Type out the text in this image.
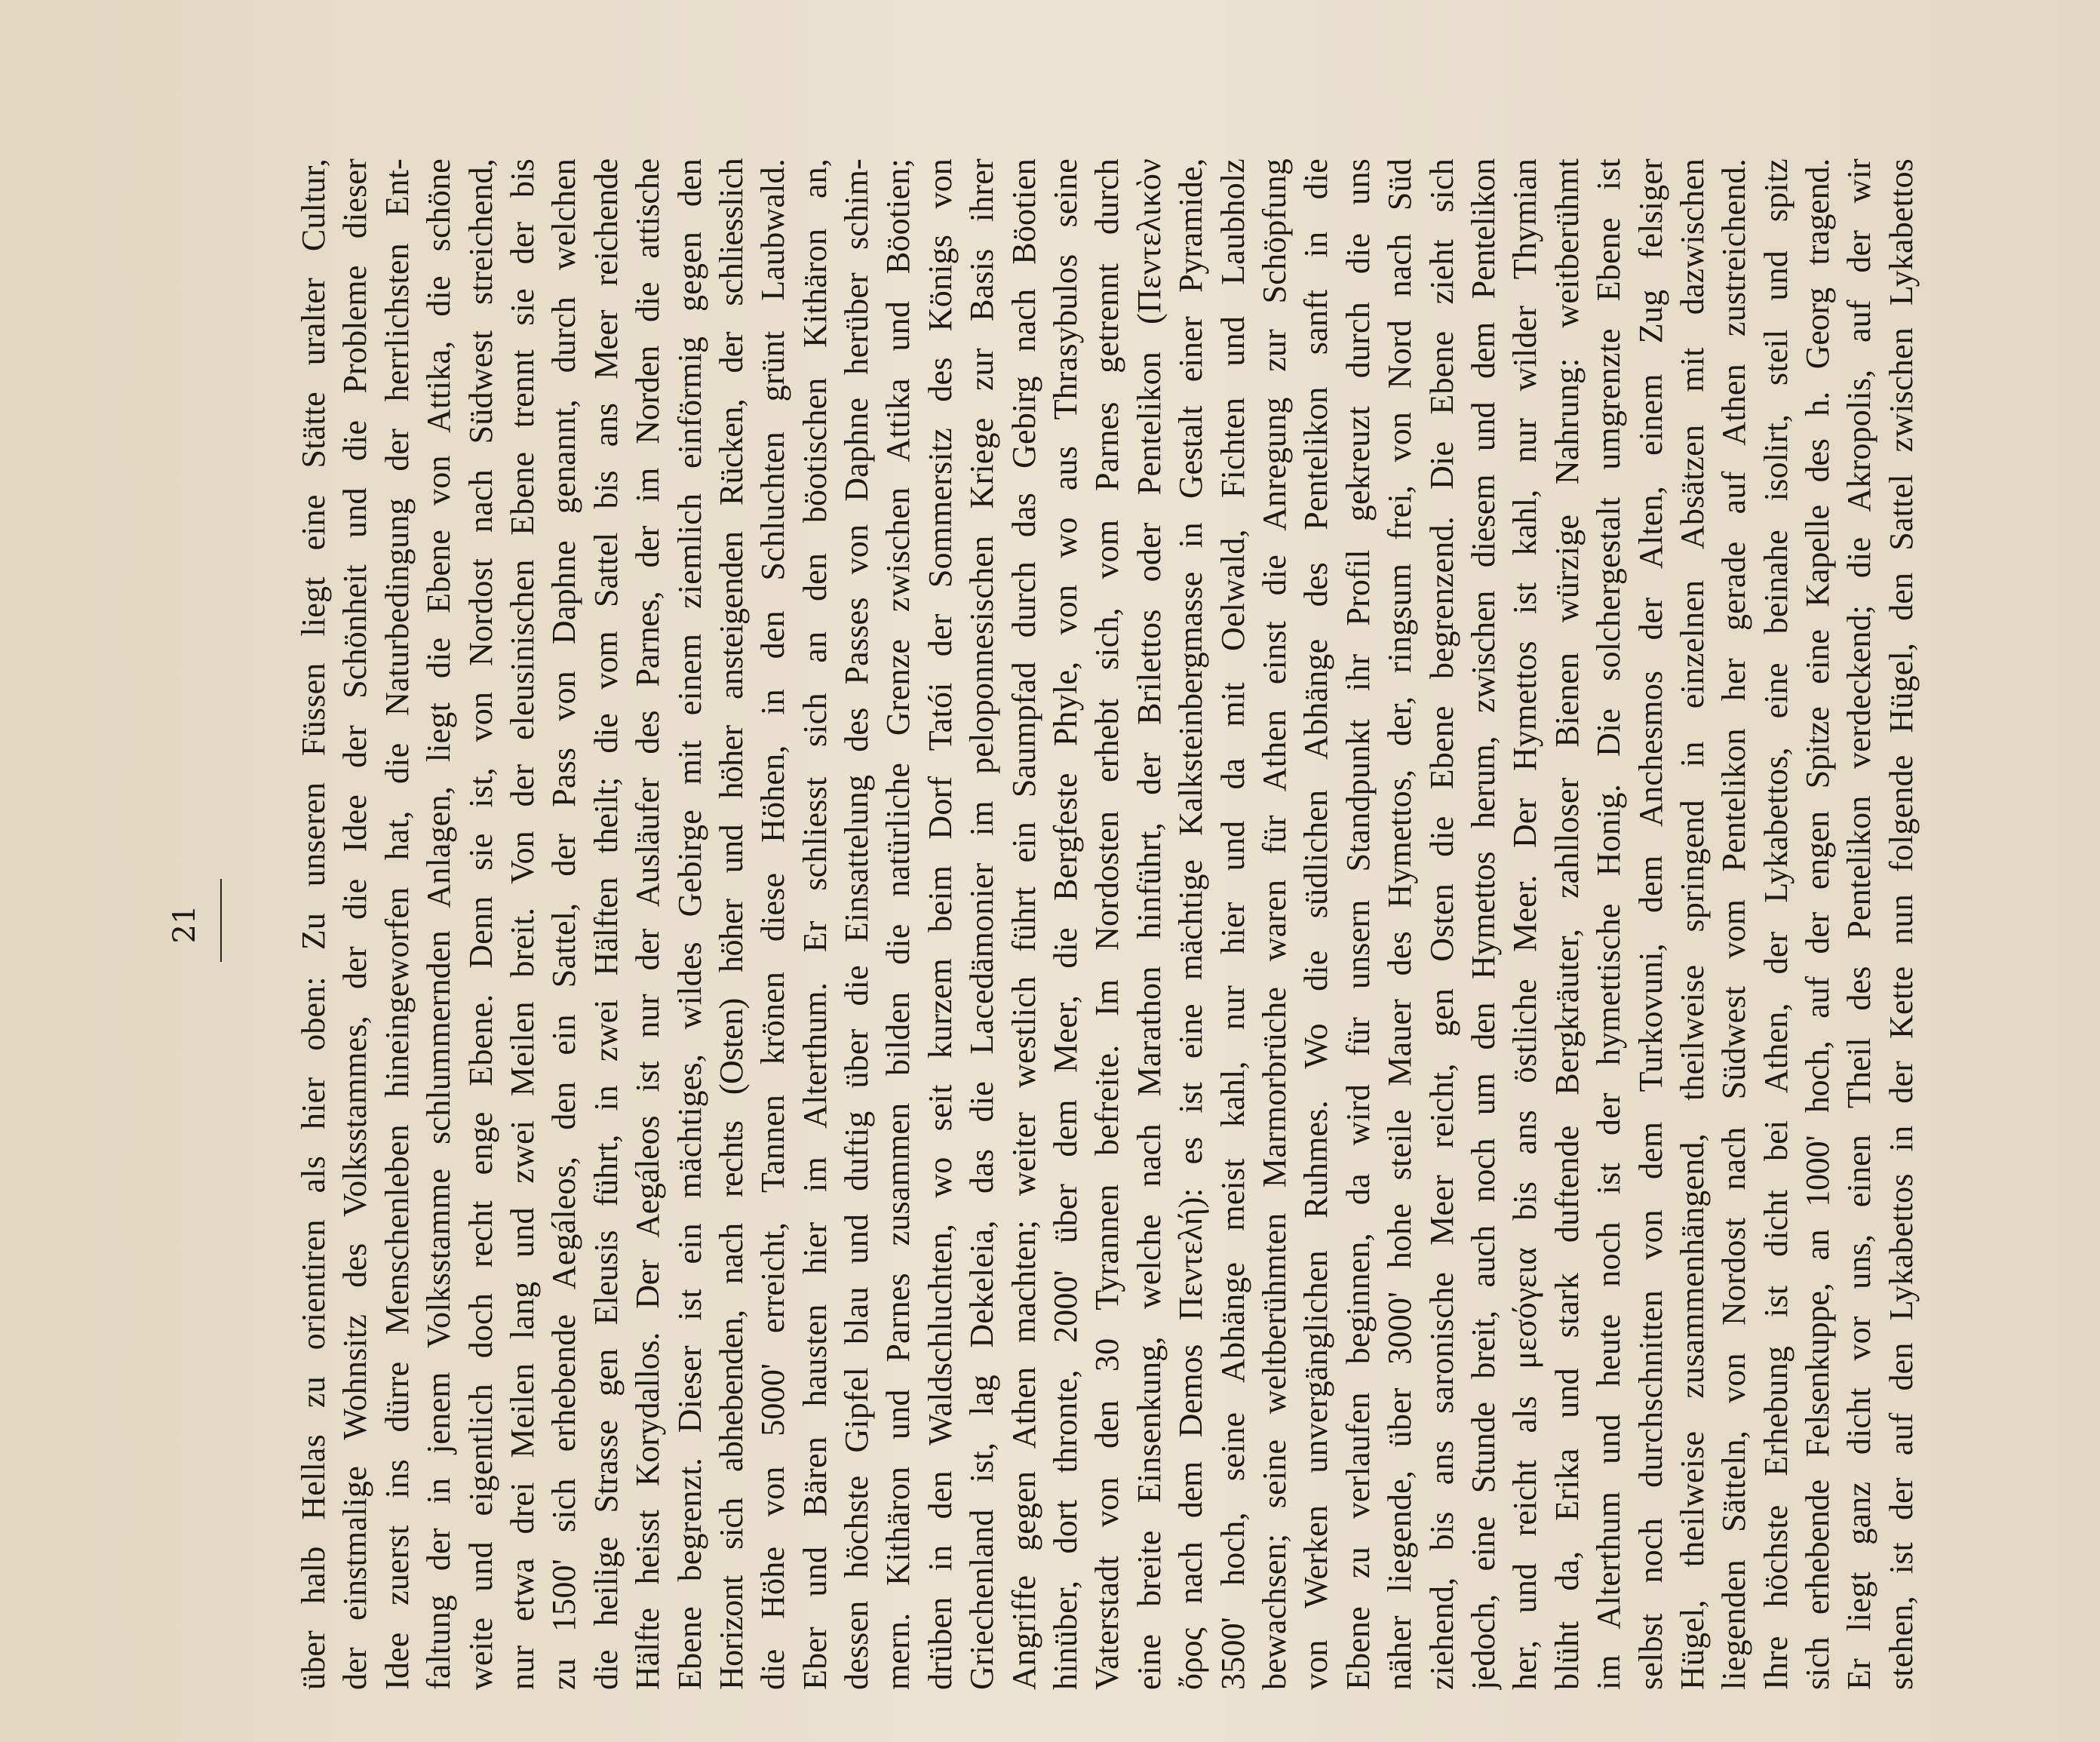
21	über halb Hellas zu orientiren als hier oben: Zu unseren Füssen liegt eine Stätte uralter Cultur, der einstmalige Wohnsitz des Volksstammes, der die Idee der Schönheit und die Probleme dieser Idee zuerst ins dürre Menschenleben hineingeworfen hat, die Naturbedingung der herrlichsten Ent- faltung der in jenem Volksstamme schlummernden Anlagen, liegt die Ebene von Attika, die schöne weite und eigentlich doch recht enge Ebene. Denn sie ist, von Nordost nach Südwest streichend, nur etwa drei Meilen lang und zwei Meilen breit. Von der eleusinischen Ebene trennt sie der bis zu 1500' sich erhebende Aegáleos, den ein Sattel, der Pass von Daphne genannt, durch welchen die heilige Strasse gen Eleusis führt, in zwei Hälften theilt; die vom Sattel bis ans Meer reichende Hälfte heisst Korydallos. Der Aegáleos ist nur der Ausläufer des Parnes, der im Norden die attische Ebene begrenzt. Dieser ist ein mächtiges, wildes Gebirge mit einem ziemlich einförmig gegen den Horizont sich abhebenden, nach rechts (Osten) höher und höher ansteigenden Rücken, der schliesslich die Höhe von 5000' erreicht, Tannen krönen diese Höhen, in den Schluchten grünt Laubwald. Eber und Bären hausten hier im Alterthum. Er schliesst sich an den böotischen Kithäron an, dessen höchste Gipfel blau und duftig über die Einsattelung des Passes von Daphne herüber schim- mern. Kithäron und Parnes zusammen bilden die natürliche Grenze zwischen Attika und Böotien; drüben in den Waldschluchten, wo seit kurzem beim Dorf Tatói der Sommersitz des Königs von Griechenland ist, lag Dekeleia, das die Lacedämonier im peloponnesischen Kriege zur Basis ihrer Angriffe gegen Athen machten; weiter westlich führt ein Saumpfad durch das Gebirg nach Böotien hinüber, dort thronte, 2000' über dem Meer, die Bergfeste Phyle, von wo aus Thrasybulos seine Vaterstadt von den 30 Tyrannen befreite. Im Nordosten erhebt sich, vom Parnes getrennt durch eine breite Einsenkung, welche nach Marathon hinführt, der Brilettos oder Pentelikon (Πεντελικὸν ὄρος nach dem Demos Πεντελή): es ist eine mächtige Kalksteinbergmasse in Gestalt einer Pyramide, 3500' hoch, seine Abhänge meist kahl, nur hier und da mit Oelwald, Fichten und Laubholz bewachsen; seine weltberühmten Marmorbrüche waren für Athen einst die Anregung zur Schöpfung von Werken unvergänglichen Ruhmes. Wo die südlichen Abhänge des Pentelikon sanft in die Ebene zu verlaufen beginnen, da wird für unsern Standpunkt ihr Profil gekreuzt durch die uns näher liegende, über 3000' hohe steile Mauer des Hymettos, der, ringsum frei, von Nord nach Süd ziehend, bis ans saronische Meer reicht, gen Osten die Ebene begrenzend. Die Ebene zieht sich jedoch, eine Stunde breit, auch noch um den Hymettos herum, zwischen diesem und dem Pentelikon her, und reicht als μεσόγεια bis ans östliche Meer. Der Hymettos ist kahl, nur wilder Thymian blüht da, Erika und stark duftende Bergkräuter, zahlloser Bienen würzige Nahrung: weitberühmt im Alterthum und heute noch ist der hymettische Honig. Die solchergestalt umgrenzte Ebene ist selbst noch durchschnitten von dem Turkovuni, dem Anchesmos der Alten, einem Zug felsiger Hügel, theilweise zusammenhängend, theilweise springend in einzelnen Absätzen mit dazwischen liegenden Sätteln, von Nordost nach Südwest vom Pentelikon her gerade auf Athen zustreichend. Ihre höchste Erhebung ist dicht bei Athen, der Lykabettos, eine beinahe isolirt, steil und spitz sich erhebende Felsenkuppe, an 1000' hoch, auf der engen Spitze eine Kapelle des h. Georg tragend. Er liegt ganz dicht vor uns, einen Theil des Pentelikon verdeckend; die Akropolis, auf der wir stehen, ist der auf den Lykabettos in der Kette nun folgende Hügel, den Sattel zwischen Lykabettos
